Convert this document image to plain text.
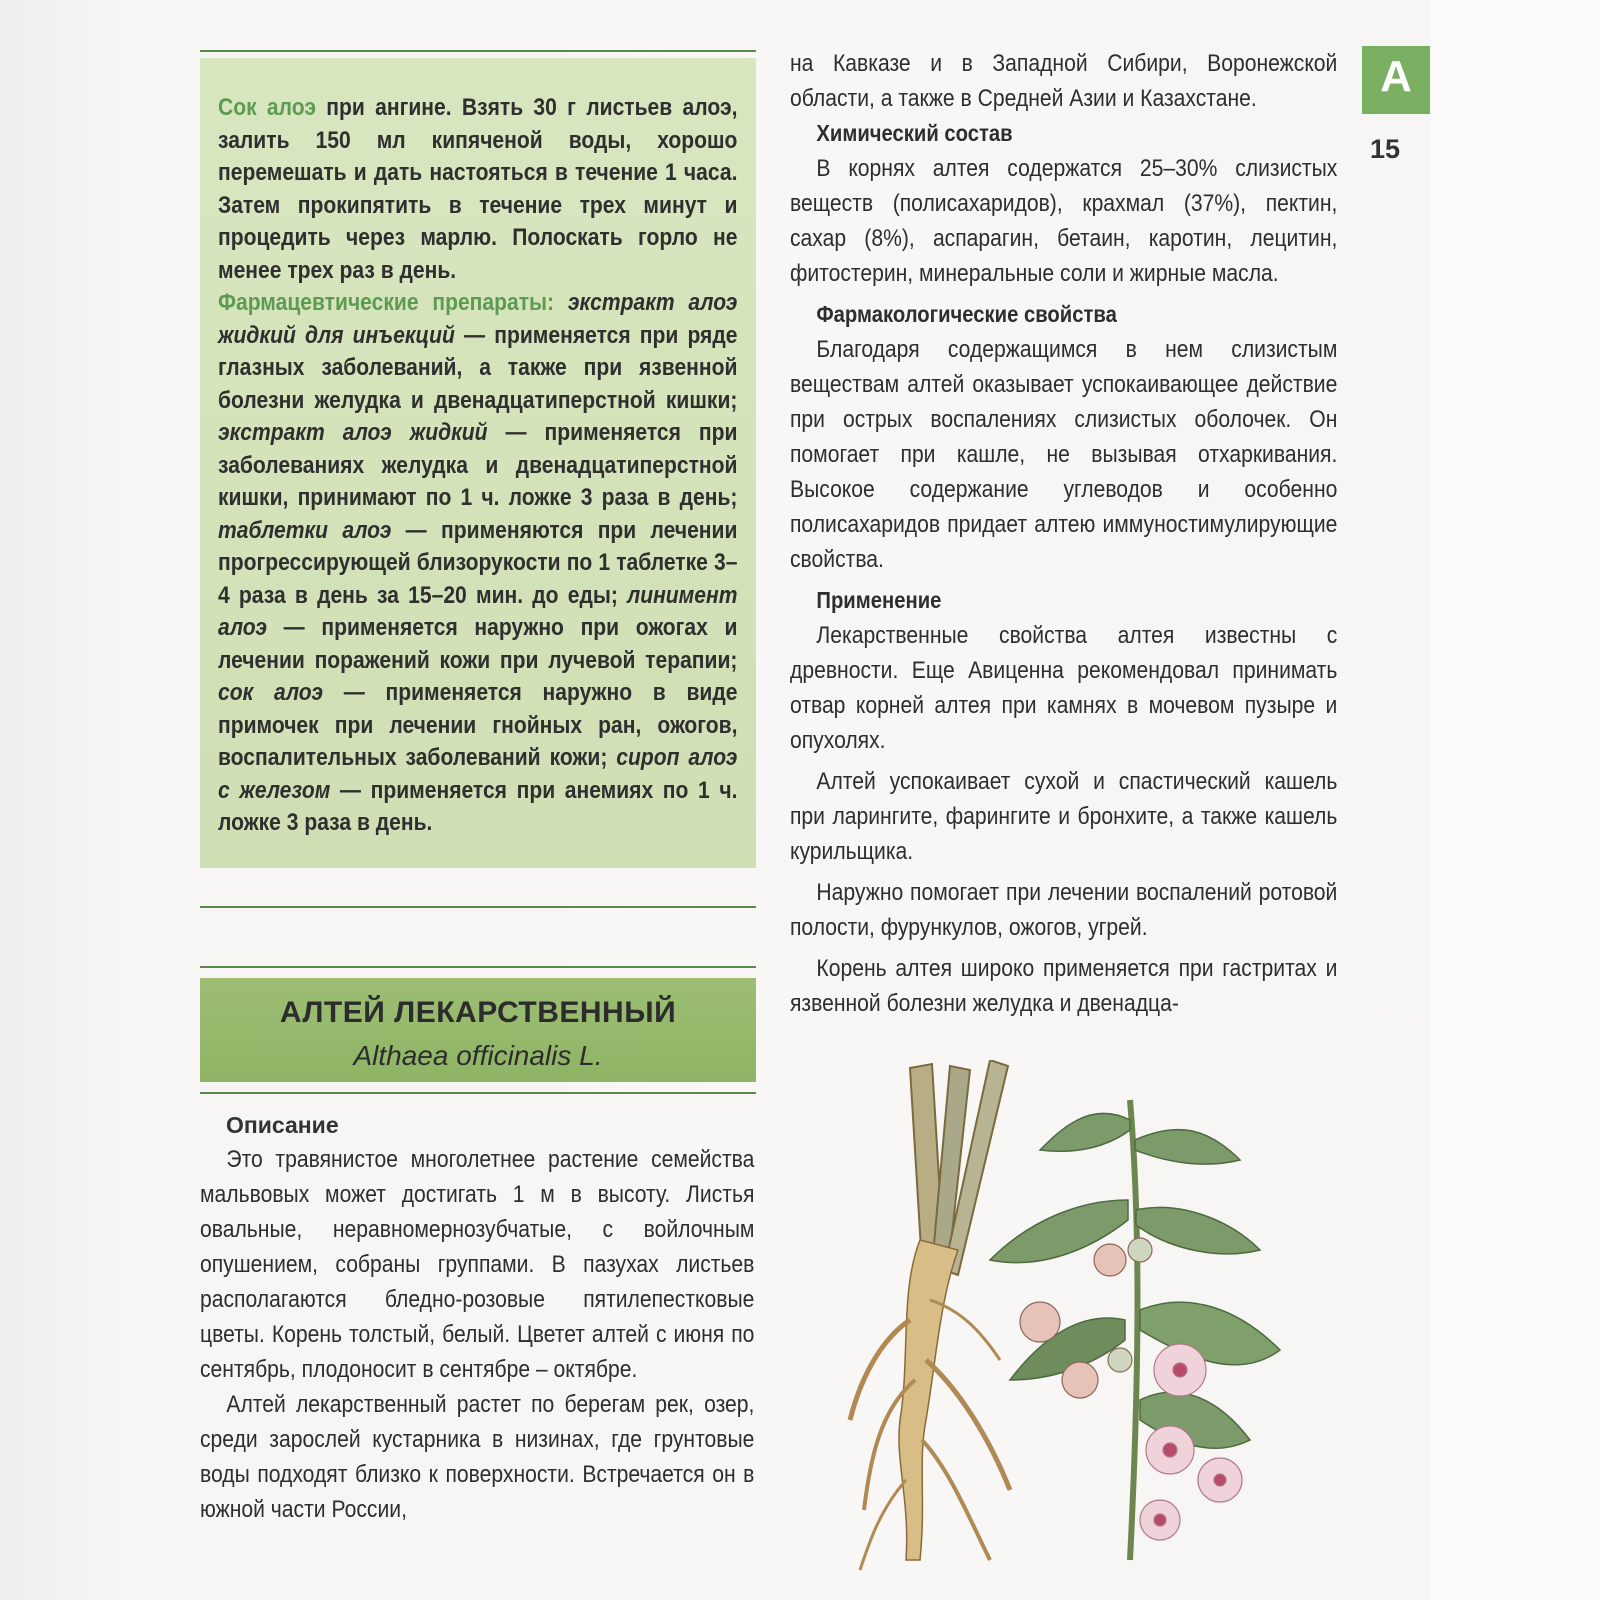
Сок алоэ при ангине. Взять 30 г листьев алоэ, залить 150 мл кипяченой воды, хорошо перемешать и дать настояться в течение 1 часа. Затем прокипятить в течение трех минут и процедить через марлю. Полоскать горло не менее трех раз в день.
Фармацевтические препараты: экстракт алоэ жидкий для инъекций — применяется при ряде глазных заболеваний, а также при язвенной болезни желудка и двенадцатиперстной кишки; экстракт алоэ жидкий — применяется при заболеваниях желудка и двенадцатиперстной кишки, принимают по 1 ч. ложке 3 раза в день; таблетки алоэ — применяются при лечении прогрессирующей близорукости по 1 таблетке 3–4 раза в день за 15–20 мин. до еды; линимент алоэ — применяется наружно при ожогах и лечении поражений кожи при лучевой терапии; сок алоэ — применяется наружно в виде примочек при лечении гнойных ран, ожогов, воспалительных заболеваний кожи; сироп алоэ с железом — применяется при анемиях по 1 ч. ложке 3 раза в день.
АЛТЕЙ ЛЕКАРСТВЕННЫЙ
Althaea officinalis L.
Описание

Это травянистое многолетнее растение семейства мальвовых может достигать 1 м в высоту. Листья овальные, неравномернозубчатые, с войлочным опушением, собраны группами. В пазухах листьев располагаются бледно-розовые пятилепестковые цветы. Корень толстый, белый. Цветет алтей с июня по сентябрь, плодоносит в сентябре – октябре.

Алтей лекарственный растет по берегам рек, озер, среди зарослей кустарника в низинах, где грунтовые воды подходят близко к поверхности. Встречается он в южной части России,

на Кавказе и в Западной Сибири, Воронежской области, а также в Средней Азии и Казахстане.

Химический состав

В корнях алтея содержатся 25–30% слизистых веществ (полисахаридов), крахмал (37%), пектин, сахар (8%), аспарагин, бетаин, каротин, лецитин, фитостерин, минеральные соли и жирные масла.

Фармакологические свойства

Благодаря содержащимся в нем слизистым веществам алтей оказывает успокаивающее действие при острых воспалениях слизистых оболочек. Он помогает при кашле, не вызывая отхаркивания. Высокое содержание углеводов и особенно полисахаридов придает алтею иммуностимулирующие свойства.

Применение

Лекарственные свойства алтея известны с древности. Еще Авиценна рекомендовал принимать отвар корней алтея при камнях в мочевом пузыре и опухолях.

Алтей успокаивает сухой и спастический кашель при ларингите, фарингите и бронхите, а также кашель курильщика.

Наружно помогает при лечении воспалений ротовой полости, фурункулов, ожогов, угрей.

Корень алтея широко применяется при гастритах и язвенной болезни желудка и двенадца-

А
15
